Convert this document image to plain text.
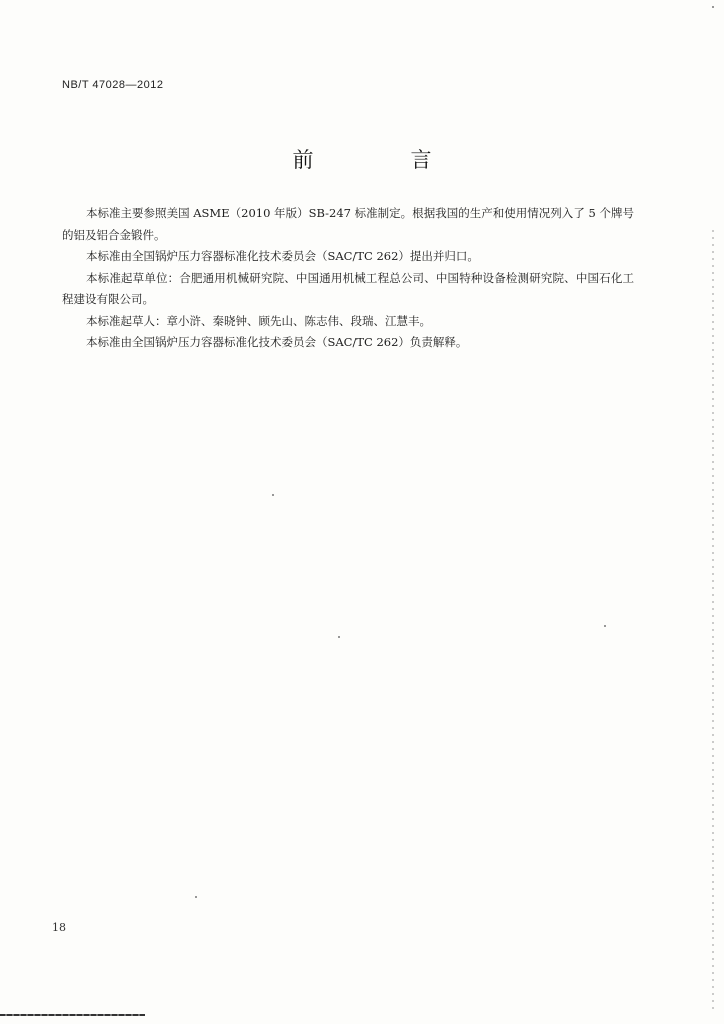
NB/T 47028—2012
前　言

本标准主要参照美国 ASME（2010 年版）SB-247 标准制定。根据我国的生产和使用情况列入了 5 个牌号的铝及铝合金锻件。

本标准由全国锅炉压力容器标准化技术委员会（SAC/TC 262）提出并归口。

本标准起草单位：合肥通用机械研究院、中国通用机械工程总公司、中国特种设备检测研究院、中国石化工程建设有限公司。

本标准起草人：章小浒、秦晓钟、顾先山、陈志伟、段瑞、江慧丰。

本标准由全国锅炉压力容器标准化技术委员会（SAC/TC 262）负责解释。

18
